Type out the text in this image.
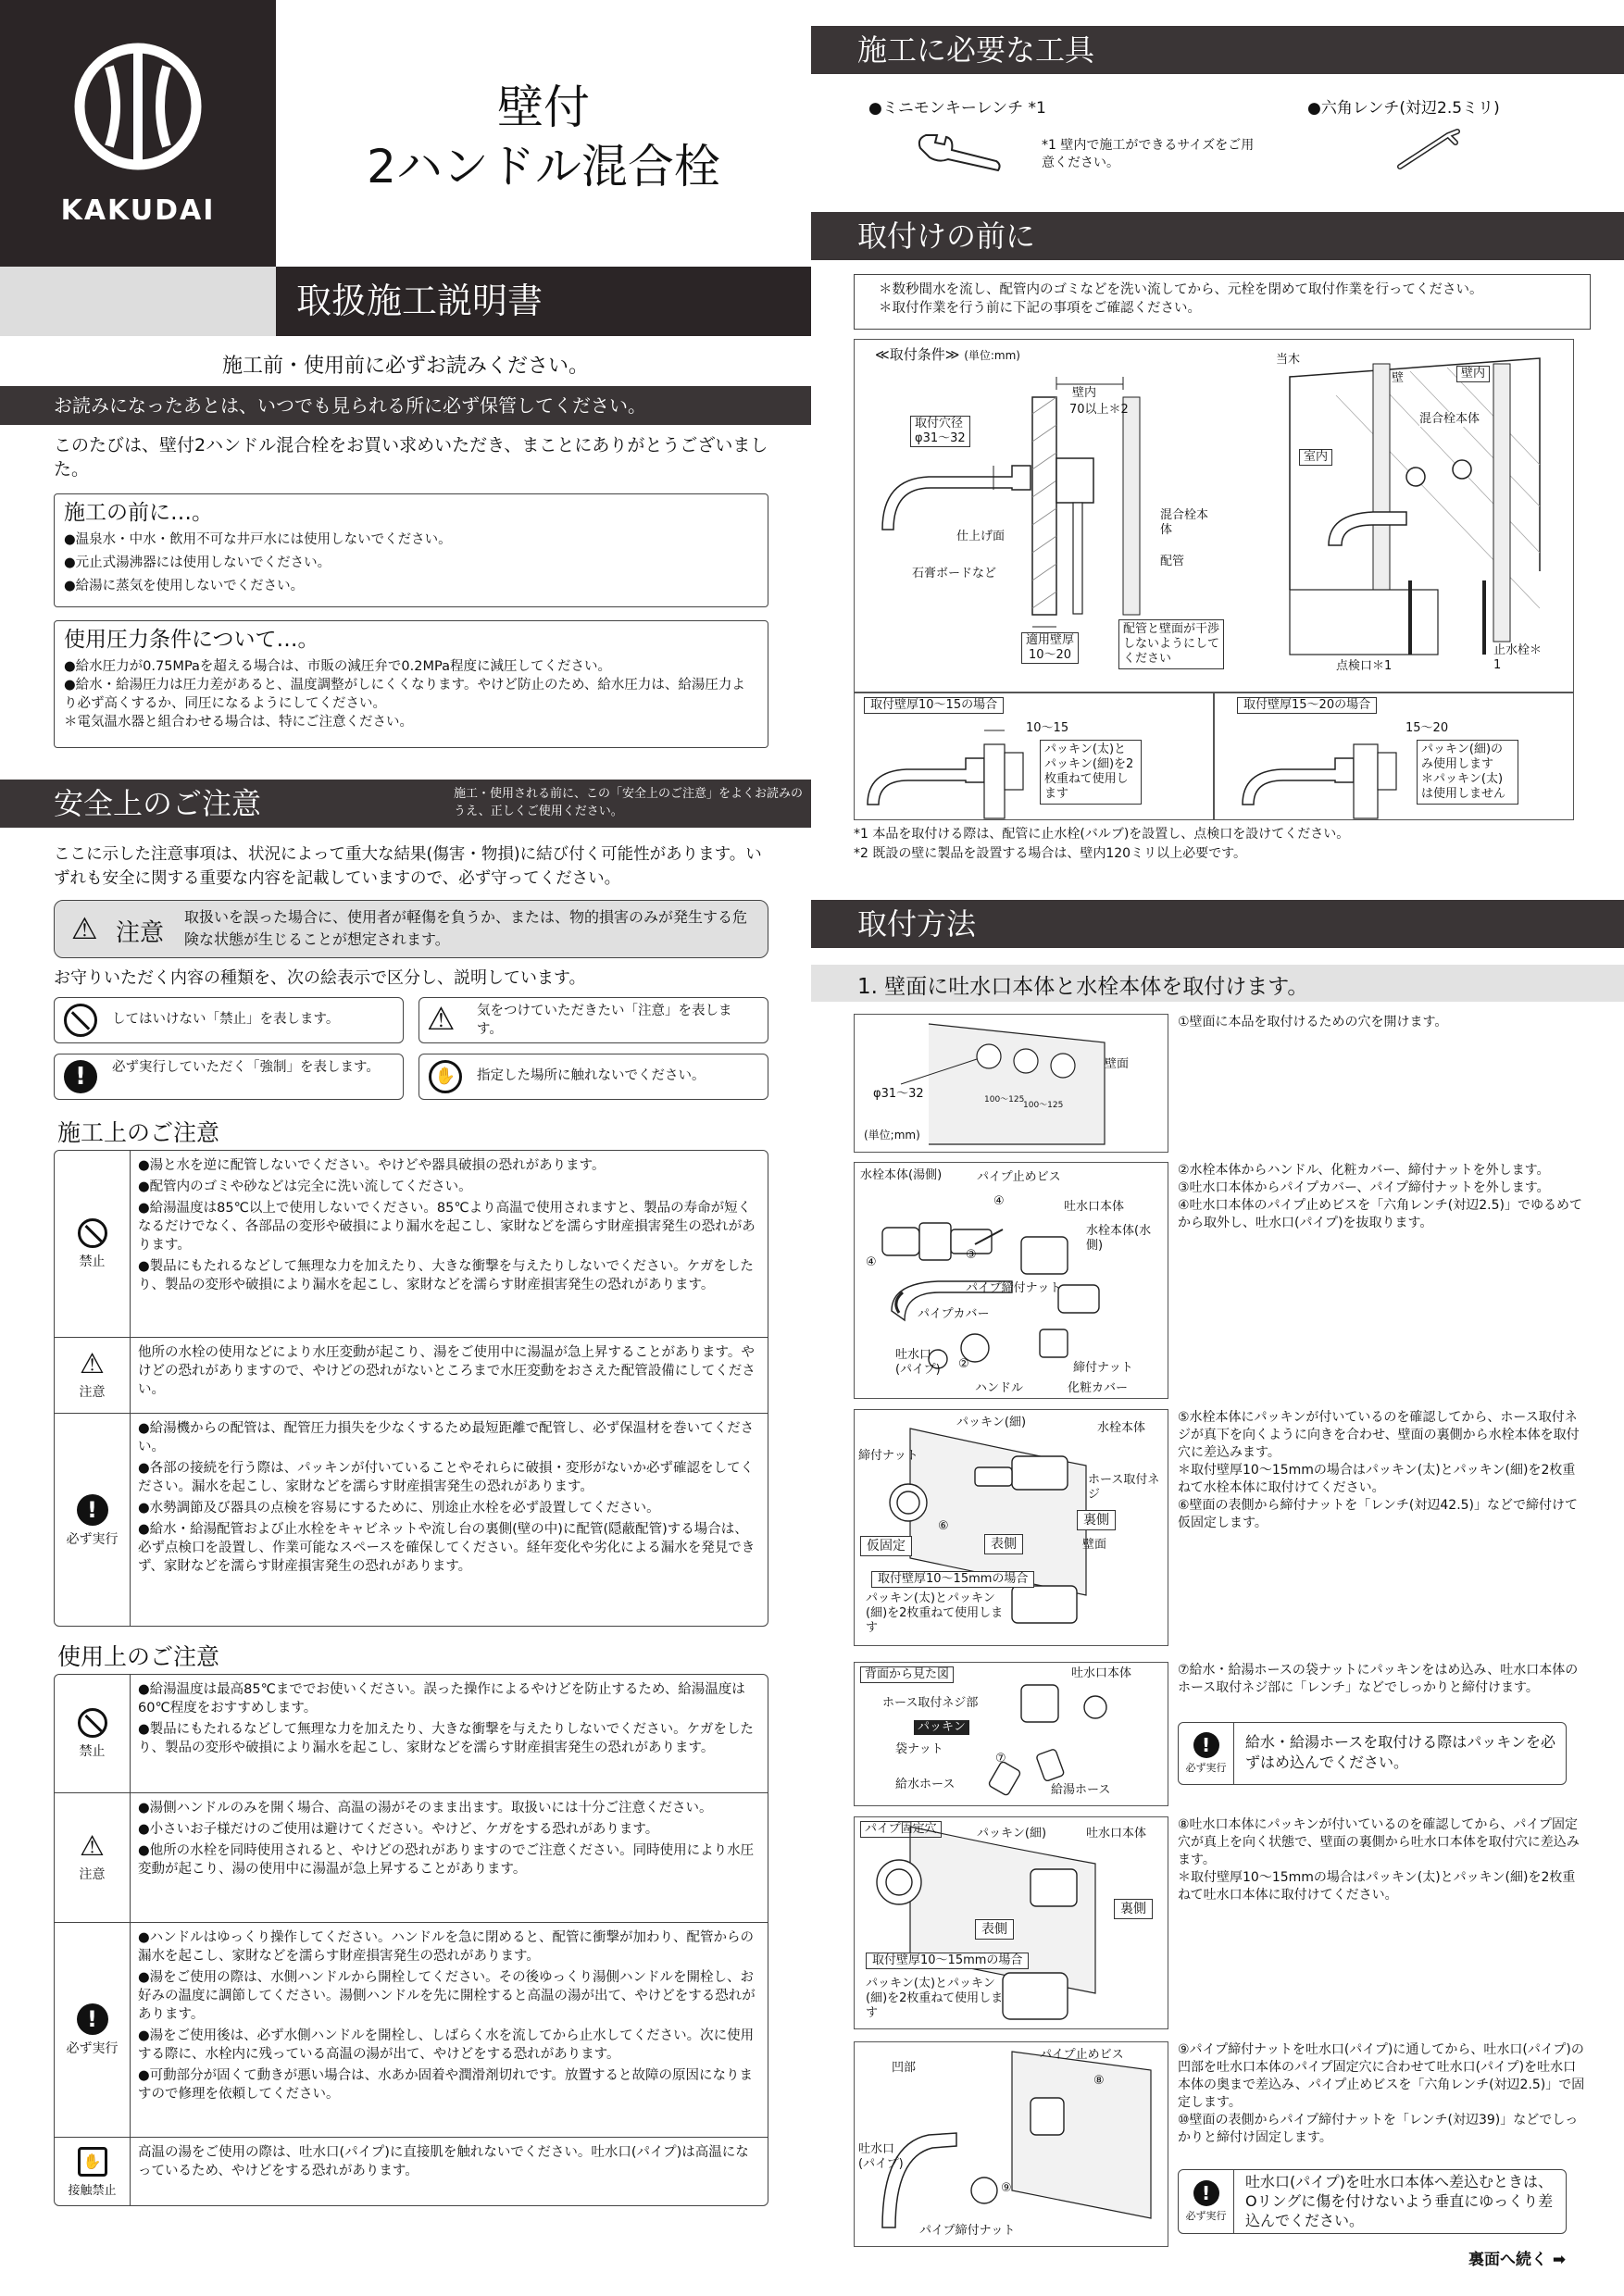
KAKUDAI
壁付
2ハンドル混合栓
取扱施工説明書
施工前・使用前に必ずお読みください。
お読みになったあとは、いつでも見られる所に必ず保管してください。
このたびは、壁付2ハンドル混合栓をお買い求めいただき、まことにありがとうございました。
施工の前に…。
●温泉水・中水・飲用不可な井戸水には使用しないでください。
●元止式湯沸器には使用しないでください。
●給湯に蒸気を使用しないでください。
使用圧力条件について…。
●給水圧力が0.75MPaを超える場合は、市販の減圧弁で0.2MPa程度に減圧してください。
●給水・給湯圧力は圧力差があると、温度調整がしにくくなります。やけど防止のため、給水圧力は、給湯圧力より必ず高くするか、同圧になるようにしてください。
＊電気温水器と組合わせる場合は、特にご注意ください。
安全上のご注意	施工・使用される前に、この「安全上のご注意」をよくお読みのうえ、正しくご使用ください。
ここに示した注意事項は、状況によって重大な結果(傷害・物損)に結び付く可能性があります。いずれも安全に関する重要な内容を記載していますので、必ず守ってください。
⚠ 注意
取扱いを誤った場合に、使用者が軽傷を負うか、または、物的損害のみが発生する危険な状態が生じることが想定されます。
お守りいただく内容の種類を、次の絵表示で区分し、説明しています。
してはいけない「禁止」を表します。	⚠ 気をつけていただきたい「注意」を表します。
!	必ず実行していただく「強制」を表します。	✋	指定した場所に触れないでください。
施工上のご注意
禁止
●湯と水を逆に配管しないでください。やけどや器具破損の恐れがあります。
●配管内のゴミや砂などは完全に洗い流してください。
●給湯温度は85℃以上で使用しないでください。85℃より高温で使用されますと、製品の寿命が短くなるだけでなく、各部品の変形や破損により漏水を起こし、家財などを濡らす財産損害発生の恐れがあります。
●製品にもたれるなどして無理な力を加えたり、大きな衝撃を与えたりしないでください。ケガをしたり、製品の変形や破損により漏水を起こし、家財などを濡らす財産損害発生の恐れがあります。
⚠
注意
他所の水栓の使用などにより水圧変動が起こり、湯をご使用中に湯温が急上昇することがあります。やけどの恐れがありますので、やけどの恐れがないところまで水圧変動をおさえた配管設備にしてください。
!
必ず実行
●給湯機からの配管は、配管圧力損失を少なくするため最短距離で配管し、必ず保温材を巻いてください。
●各部の接続を行う際は、パッキンが付いていることやそれらに破損・変形がないか必ず確認をしてください。漏水を起こし、家財などを濡らす財産損害発生の恐れがあります。
●水勢調節及び器具の点検を容易にするために、別途止水栓を必ず設置してください。
●給水・給湯配管および止水栓をキャビネットや流し台の裏側(壁の中)に配管(隠蔽配管)する場合は、必ず点検口を設置し、作業可能なスペースを確保してください。経年変化や劣化による漏水を発見できず、家財などを濡らす財産損害発生の恐れがあります。
使用上のご注意
禁止
●給湯温度は最高85℃まででお使いください。誤った操作によるやけどを防止するため、給湯温度は60℃程度をおすすめします。
●製品にもたれるなどして無理な力を加えたり、大きな衝撃を与えたりしないでください。ケガをしたり、製品の変形や破損により漏水を起こし、家財などを濡らす財産損害発生の恐れがあります。
⚠
注意
●湯側ハンドルのみを開く場合、高温の湯がそのまま出ます。取扱いには十分ご注意ください。
●小さいお子様だけのご使用は避けてください。やけど、ケガをする恐れがあります。
●他所の水栓を同時使用されると、やけどの恐れがありますのでご注意ください。同時使用により水圧変動が起こり、湯の使用中に湯温が急上昇することがあります。
!
必ず実行
●ハンドルはゆっくり操作してください。ハンドルを急に閉めると、配管に衝撃が加わり、配管からの漏水を起こし、家財などを濡らす財産損害発生の恐れがあります。
●湯をご使用の際は、水側ハンドルから開栓してください。その後ゆっくり湯側ハンドルを開栓し、お好みの温度に調節してください。湯側ハンドルを先に開栓すると高温の湯が出て、やけどをする恐れがあります。
●湯をご使用後は、必ず水側ハンドルを開栓し、しばらく水を流してから止水してください。次に使用する際に、水栓内に残っている高温の湯が出て、やけどをする恐れがあります。
●可動部分が固くて動きが悪い場合は、水あか固着や潤滑剤切れです。放置すると故障の原因になりますので修理を依頼してください。
✋
接触禁止
高温の湯をご使用の際は、吐水口(パイプ)に直接肌を触れないでください。吐水口(パイプ)は高温になっているため、やけどをする恐れがあります。
施工に必要な工具
●ミニモンキーレンチ *1
*1 壁内で施工ができるサイズをご用意ください。
●六角レンチ(対辺2.5ミリ)
取付けの前に
＊数秒間水を流し、配管内のゴミなどを洗い流してから、元栓を閉めて取付作業を行ってください。
＊取付作業を行う前に下記の事項をご確認ください。
≪取付条件≫ (単位:mm)
壁内
70以上＊2
取付穴径
φ31～32
仕上げ面
石膏ボードなど
混合栓本体
配管
適用壁厚
10～20
配管と壁面が干渉しないようにしてください
当木
壁	壁内
混合栓本体
室内
点検口＊1
止水栓＊1
取付壁厚10～15の場合
10～15
パッキン(太)とパッキン(細)を2枚重ねて使用します
取付壁厚15～20の場合
15～20
パッキン(細)のみ使用します
＊パッキン(太)は使用しません
*1 本品を取付ける際は、配管に止水栓(バルブ)を設置し、点検口を設けてください。
*2 既設の壁に製品を設置する場合は、壁内120ミリ以上必要です。
取付方法
1. 壁面に吐水口本体と水栓本体を取付けます。
壁面
φ31～32	100～125
100～125
(単位;mm)
①壁面に本品を取付けるための穴を開けます。
水栓本体(湯側)	パイプ止めビス
④	吐水口本体
水栓本体(水側)
③
④
パイプ締付ナット
パイプカバー
吐水口(パイプ) ②	締付ナット
ハンドル	化粧カバー
②水栓本体からハンドル、化粧カバー、締付ナットを外します。
③吐水口本体からパイプカバー、パイプ締付ナットを外します。
④吐水口本体のパイプ止めビスを「六角レンチ(対辺2.5)」でゆるめてから取外し、吐水口(パイプ)を抜取ります。
パッキン(細)	水栓本体
締付ナット
ホース取付ネジ
裏側
⑥
表側	壁面
仮固定
取付壁厚10～15mmの場合
パッキン(太)とパッキン(細)を2枚重ねて使用します
⑤水栓本体にパッキンが付いているのを確認してから、ホース取付ネジが真下を向くように向きを合わせ、壁面の裏側から水栓本体を取付穴に差込みます。
＊取付壁厚10～15mmの場合はパッキン(太)とパッキン(細)を2枚重ねて水栓本体に取付けてください。
⑥壁面の表側から締付ナットを「レンチ(対辺42.5)」などで締付けて仮固定します。
背面から見た図	吐水口本体
ホース取付ネジ部
パッキン
袋ナット
⑦
給水ホース	給湯ホース
⑦給水・給湯ホースの袋ナットにパッキンをはめ込み、吐水口本体のホース取付ネジ部に「レンチ」などでしっかりと締付けます。
!
必ず実行
給水・給湯ホースを取付ける際はパッキンを必ずはめ込んでください。
パイプ固定穴	パッキン(細)	吐水口本体
裏側
表側
取付壁厚10～15mmの場合
パッキン(太)とパッキン(細)を2枚重ねて使用します
⑧吐水口本体にパッキンが付いているのを確認してから、パイプ固定穴が真上を向く状態で、壁面の裏側から吐水口本体を取付穴に差込みます。
＊取付壁厚10～15mmの場合はパッキン(太)とパッキン(細)を2枚重ねて吐水口本体に取付けてください。
凹部
パイプ止めビス
⑧
吐水口(パイプ)
⑨
パイプ締付ナット
⑨パイプ締付ナットを吐水口(パイプ)に通してから、吐水口(パイプ)の凹部を吐水口本体のパイプ固定穴に合わせて吐水口(パイプ)を吐水口本体の奥まで差込み、パイプ止めビスを「六角レンチ(対辺2.5)」で固定します。
⑩壁面の表側からパイプ締付ナットを「レンチ(対辺39)」などでしっかりと締付け固定します。
!
必ず実行
吐水口(パイプ)を吐水口本体へ差込むときは、Oリングに傷を付けないよう垂直にゆっくり差込んでください。
裏面へ続く ➡
